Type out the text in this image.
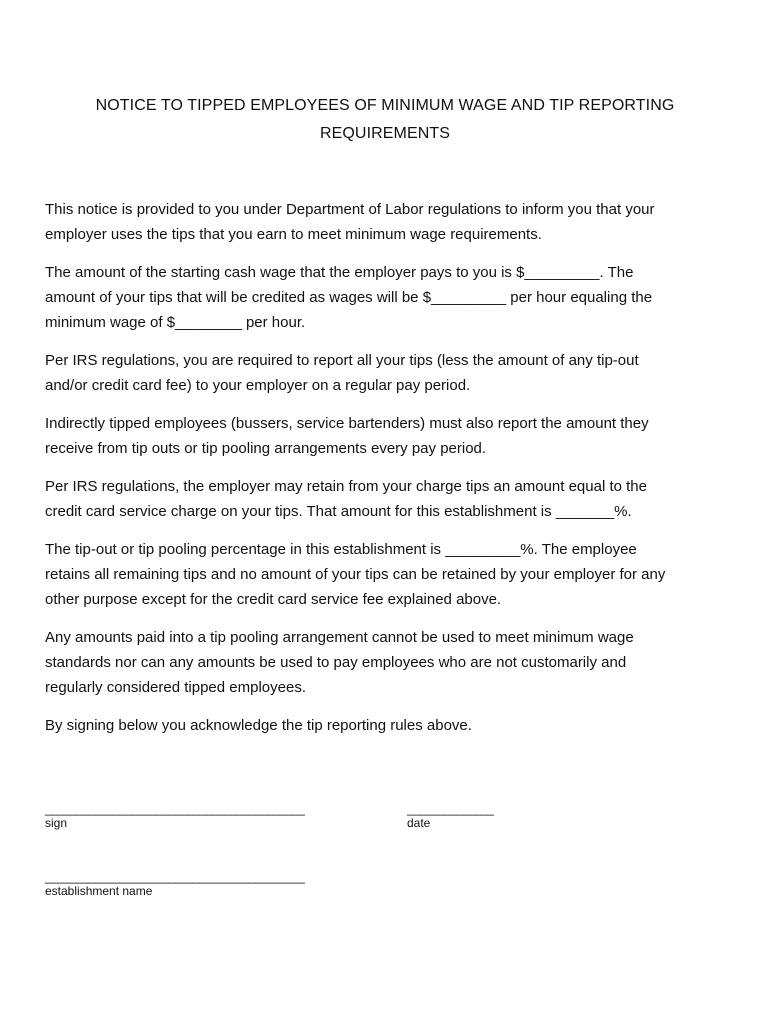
NOTICE TO TIPPED EMPLOYEES OF MINIMUM WAGE AND TIP REPORTING
REQUIREMENTS
This notice is provided to you under Department of Labor regulations to inform you that your
employer uses the tips that you earn to meet minimum wage requirements.
The amount of the starting cash wage that the employer pays to you is $_________. The
amount of your tips that will be credited as wages will be $_________ per hour equaling the
minimum wage of $________ per hour.
Per IRS regulations, you are required to report all your tips (less the amount of any tip-out
and/or credit card fee) to your employer on a regular pay period.
Indirectly tipped employees (bussers, service bartenders) must also report the amount they
receive from tip outs or tip pooling arrangements every pay period.
Per IRS regulations, the employer may retain from your charge tips an amount equal to the
credit card service charge on your tips. That amount for this establishment is _______%.
The tip-out or tip pooling percentage in this establishment is _________%. The employee
retains all remaining tips and no amount of your tips can be retained by your employer for any
other purpose except for the credit card service fee explained above.
Any amounts paid into a tip pooling arrangement cannot be used to meet minimum wage
standards nor can any amounts be used to pay employees who are not customarily and
regularly considered tipped employees.
By signing below you acknowledge the tip reporting rules above.
__________________________________________
sign
______________
date
__________________________________________
establishment name
